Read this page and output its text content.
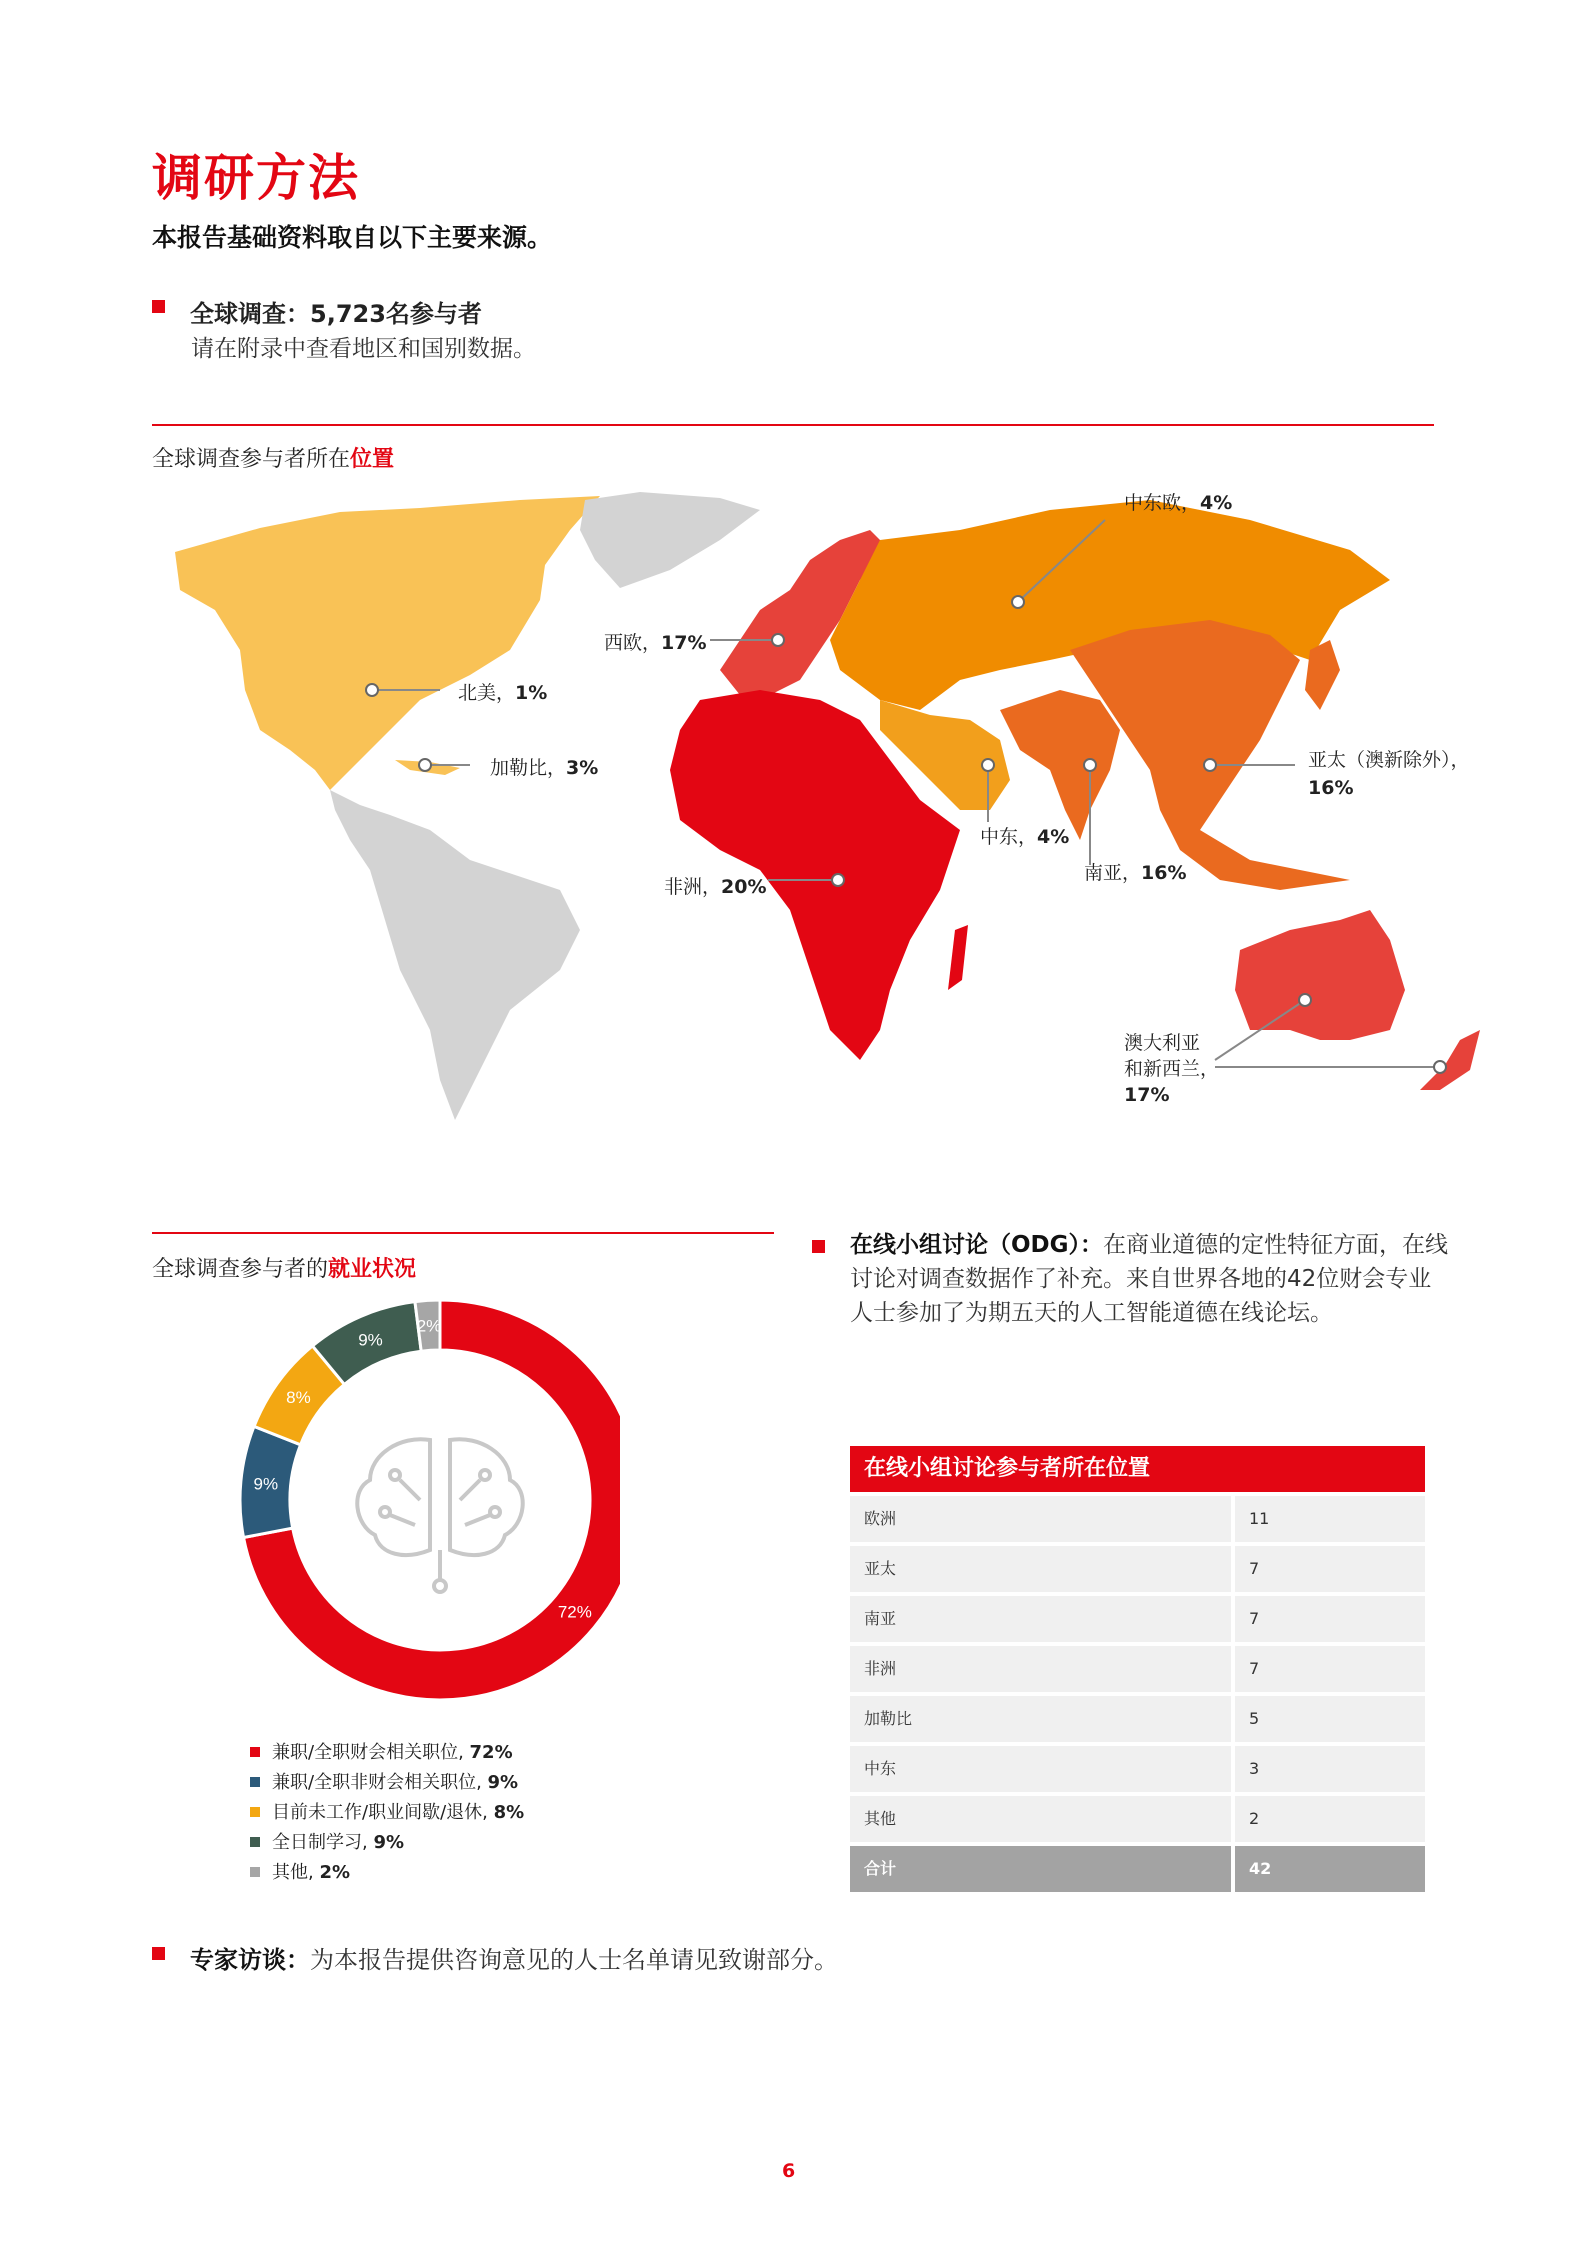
调研方法
本报告基础资料取自以下主要来源。
全球调查：5,723名参与者
请在附录中查看地区和国别数据。
全球调查参与者所在位置
北美，1%
加勒比，3%
西欧，17%
中东欧，4%
中东，4%
南亚，16%
亚太（澳新除外），
16%
非洲，20%
澳大利亚
和新西兰，
17%
全球调查参与者的就业状况
72%
9%
8%
9%
2%
兼职/全职财会相关职位, 72%
兼职/全职非财会相关职位, 9%
目前未工作/职业间歇/退休, 8%
全日制学习, 9%
其他, 2%
在线小组讨论（ODG）：在商业道德的定性特征方面，在线讨论对调查数据作了补充。来自世界各地的42位财会专业人士参加了为期五天的人工智能道德在线论坛。
在线小组讨论参与者所在位置
欧洲	11
亚太	7
南亚	7
非洲	7
加勒比	5
中东	3
其他	2
合计	42
专家访谈：为本报告提供咨询意见的人士名单请见致谢部分。
6
